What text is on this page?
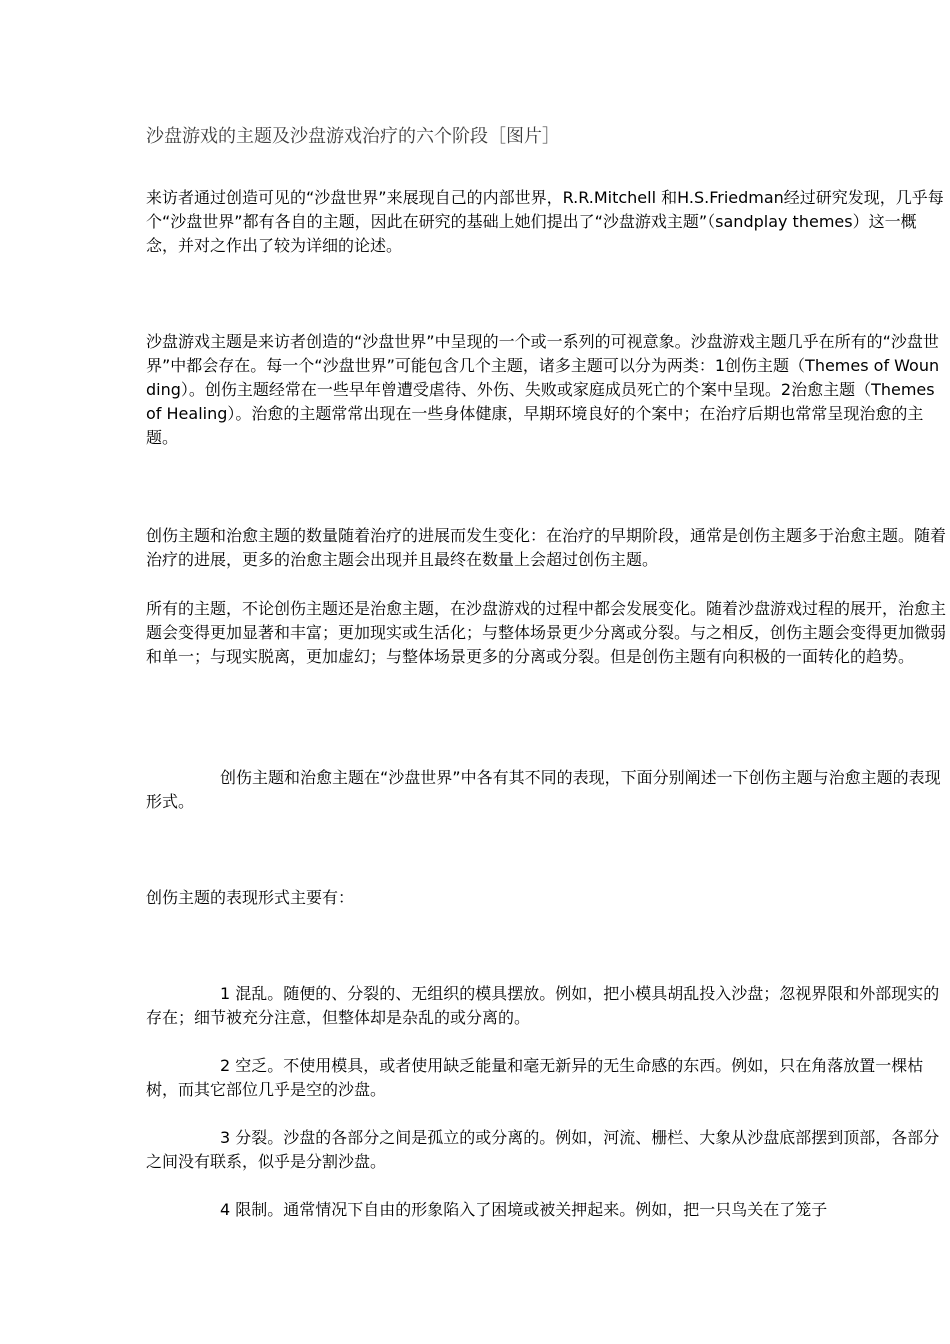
沙盘游戏的主题及沙盘游戏治疗的六个阶段［图片］

来访者通过创造可见的“沙盘世界”来展现自己的内部世界，R.R.Mitchell 和H.S.Friedman经过研究发现，几乎每个“沙盘世界”都有各自的主题，因此在研究的基础上她们提出了“沙盘游戏主题”（sandplay themes）这一概念，并对之作出了较为详细的论述。

沙盘游戏主题是来访者创造的“沙盘世界”中呈现的一个或一系列的可视意象。沙盘游戏主题几乎在所有的“沙盘世界”中都会存在。每一个“沙盘世界”可能包含几个主题，诸多主题可以分为两类：1创伤主题（Themes of Wounding）。创伤主题经常在一些早年曾遭受虐待、外伤、失败或家庭成员死亡的个案中呈现。2治愈主题（Themes of Healing）。治愈的主题常常出现在一些身体健康，早期环境良好的个案中；在治疗后期也常常呈现治愈的主题。

创伤主题和治愈主题的数量随着治疗的进展而发生变化：在治疗的早期阶段，通常是创伤主题多于治愈主题。随着治疗的进展，更多的治愈主题会出现并且最终在数量上会超过创伤主题。

所有的主题，不论创伤主题还是治愈主题，在沙盘游戏的过程中都会发展变化。随着沙盘游戏过程的展开，治愈主题会变得更加显著和丰富；更加现实或生活化；与整体场景更少分离或分裂。与之相反，创伤主题会变得更加微弱和单一；与现实脱离，更加虚幻；与整体场景更多的分离或分裂。但是创伤主题有向积极的一面转化的趋势。

创伤主题和治愈主题在“沙盘世界”中各有其不同的表现，下面分别阐述一下创伤主题与治愈主题的表现形式。

创伤主题的表现形式主要有：

1 混乱。随便的、分裂的、无组织的模具摆放。例如，把小模具胡乱投入沙盘；忽视界限和外部现实的存在；细节被充分注意，但整体却是杂乱的或分离的。

2 空乏。不使用模具，或者使用缺乏能量和毫无新异的无生命感的东西。例如，只在角落放置一棵枯树，而其它部位几乎是空的沙盘。

3 分裂。沙盘的各部分之间是孤立的或分离的。例如，河流、栅栏、大象从沙盘底部摆到顶部，各部分之间没有联系，似乎是分割沙盘。

4 限制。通常情况下自由的形象陷入了困境或被关押起来。例如，把一只鸟关在了笼子
